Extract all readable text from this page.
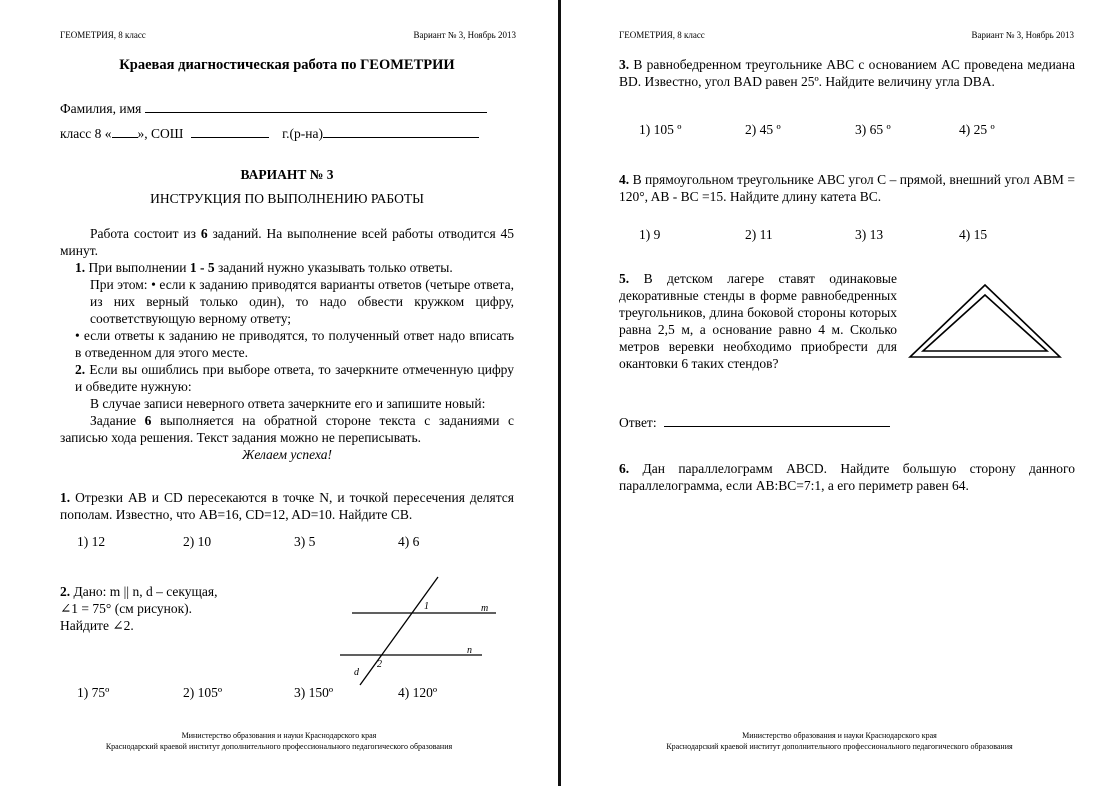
ГЕОМЕТРИЯ, 8 класс	Вариант № 3, Ноябрь 2013
Краевая диагностическая работа по ГЕОМЕТРИИ
Фамилия, имя
класс 8 « », СОШ	г.(р-на)
ВАРИАНТ № 3
ИНСТРУКЦИЯ ПО ВЫПОЛНЕНИЮ РАБОТЫ
Работа состоит из 6 заданий. На выполнение всей работы отводится 45 минут.
1. При выполнении 1 - 5 заданий нужно указывать только ответы.
При этом: • если к заданию приводятся варианты ответов (четыре ответа, из них верный только один), то надо обвести кружком цифру, соответствующую верному ответу;
• если ответы к заданию не приводятся, то полученный ответ надо вписать в отведенном для этого месте.
2. Если вы ошиблись при выборе ответа, то зачеркните отмеченную цифру и обведите нужную:
В случае записи неверного ответа зачеркните его и запишите новый:
Задание 6 выполняется на обратной стороне текста с заданиями с записью хода решения. Текст задания можно не переписывать.
Желаем успеха!
1. Отрезки AB и CD пересекаются в точке N, и точкой пересечения делятся пополам. Известно, что AB=16, CD=12, AD=10. Найдите CB.
1) 12	2) 10	3) 5	4) 6
2. Дано: m || n, d – секущая,
∠1 = 75° (см рисунок).
Найдите ∠2.
1	m
n
2
d
1) 75º	2) 105º	3) 150º	4) 120º
Министерство образования и науки Краснодарского края
Краснодарский краевой институт дополнительного профессионального педагогического образования
ГЕОМЕТРИЯ, 8 класс	Вариант № 3, Ноябрь 2013
3. В равнобедренном треугольнике ABC с основанием AC проведена медиана BD. Известно, угол BAD равен 25º. Найдите величину угла DBA.
1) 105 º	2) 45 º	3) 65 º	4) 25 º
4. В прямоугольном треугольнике ABC угол C – прямой, внешний угол ABM = 120°, AB - BC =15. Найдите длину катета BC.
1) 9	2) 11	3) 13	4) 15
5. В детском лагере ставят одинаковые декоративные стенды в форме равнобедренных треугольников, длина боковой стороны которых равна 2,5 м, а основание равно 4 м. Сколько метров веревки необходимо приобрести для окантовки 6 таких стендов?
Ответ:
6. Дан параллелограмм ABCD. Найдите большую сторону данного параллелограмма, если AB:BC=7:1, а его периметр равен 64.
Министерство образования и науки Краснодарского края
Краснодарский краевой институт дополнительного профессионального педагогического образования
